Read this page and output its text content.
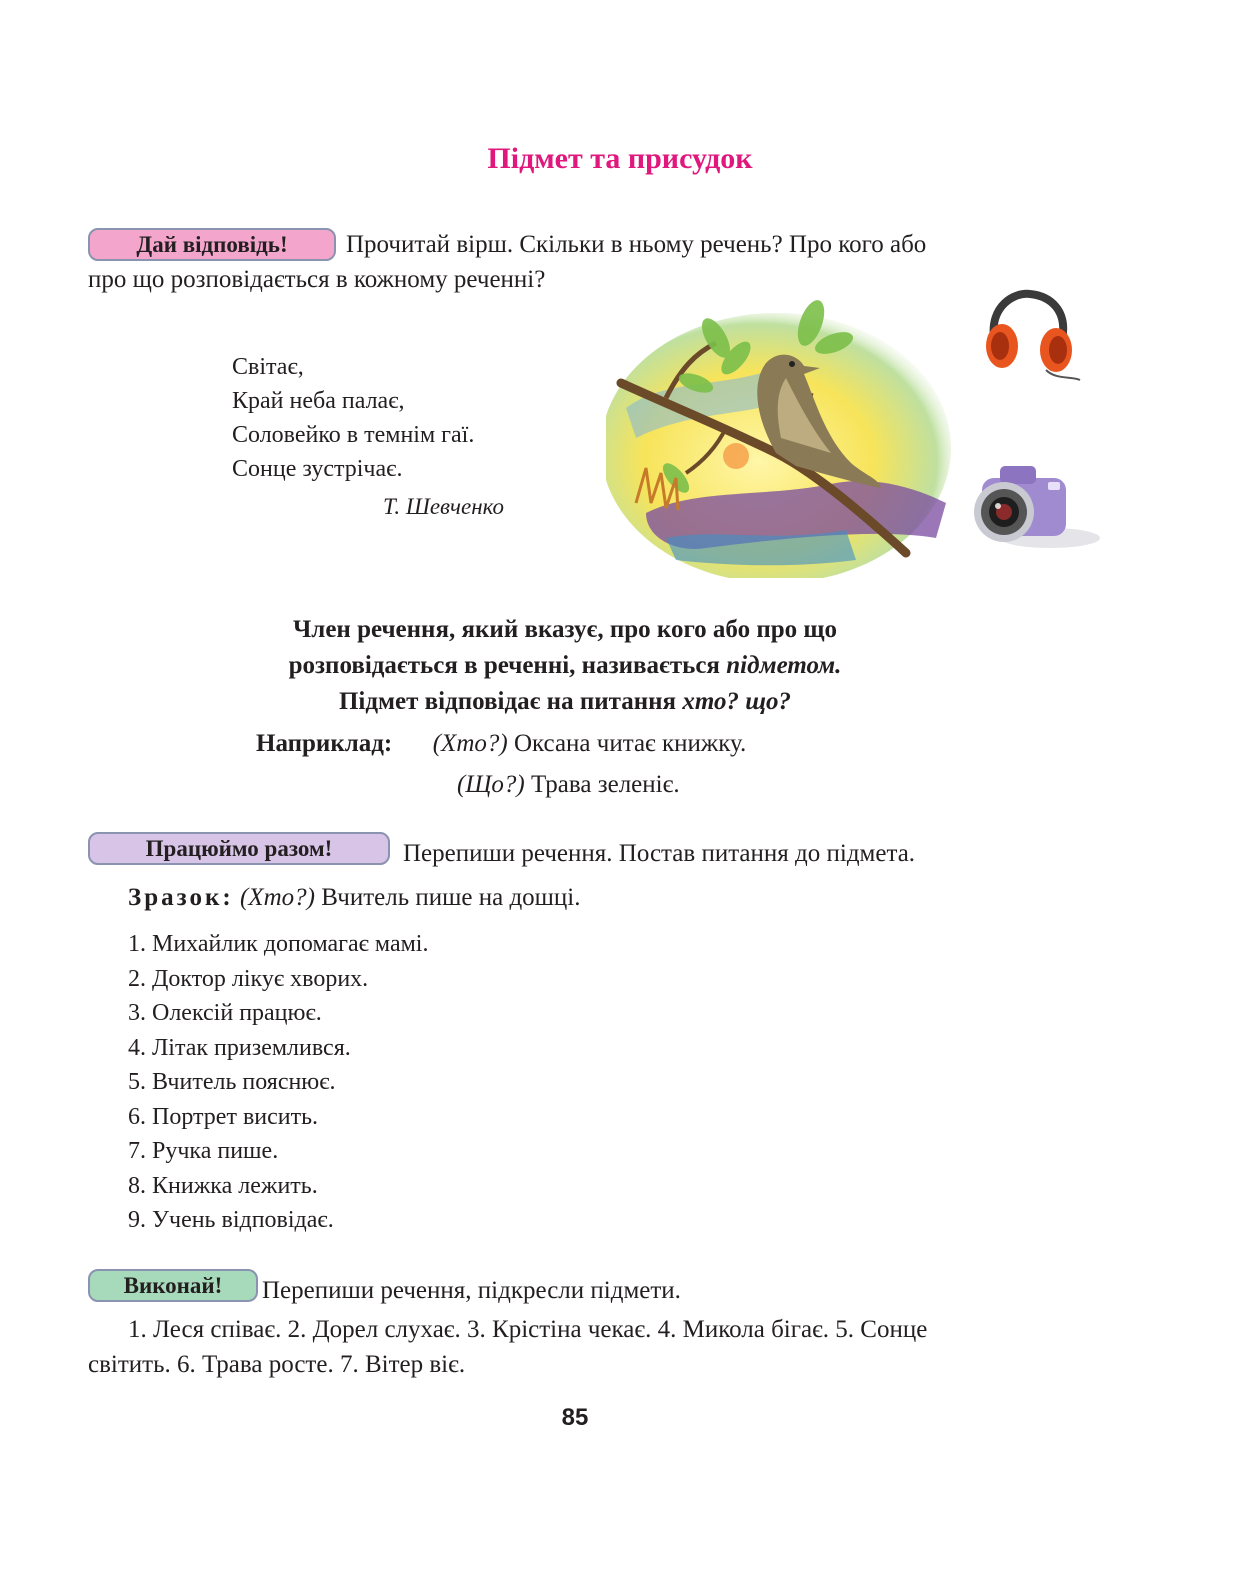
Підмет та присудок
Дай відповідь!	Прочитай вірш. Скільки в ньому речень? Про кого або
про що розповідається в кожному реченні?
Світає,
Край неба палає,
Соловейко в темнім гаї.
Сонце зустрічає.
Т. Шевченко
Член речення, який вказує, про кого або про що
розповідається в реченні, називається підметом.
Підмет відповідає на питання хто? що?
Наприклад: (Хто?) Оксана читає книжку.
(Що?) Трава зеленіє.
Працюймо разом!	Перепиши речення. Постав питання до підмета.
Зразок: (Хто?) Вчитель пише на дошці.
1. Михайлик допомагає мамі.
2. Доктор лікує хворих.
3. Олексій працює.
4. Літак приземлився.
5. Вчитель пояснює.
6. Портрет висить.
7. Ручка пише.
8. Книжка лежить.
9. Учень відповідає.
Виконай!	Перепиши речення, підкресли підмети.
1. Леся співає. 2. Дорел слухає. 3. Крістіна чекає. 4. Микола бігає. 5. Сонце
світить. 6. Трава росте. 7. Вітер віє.
85
